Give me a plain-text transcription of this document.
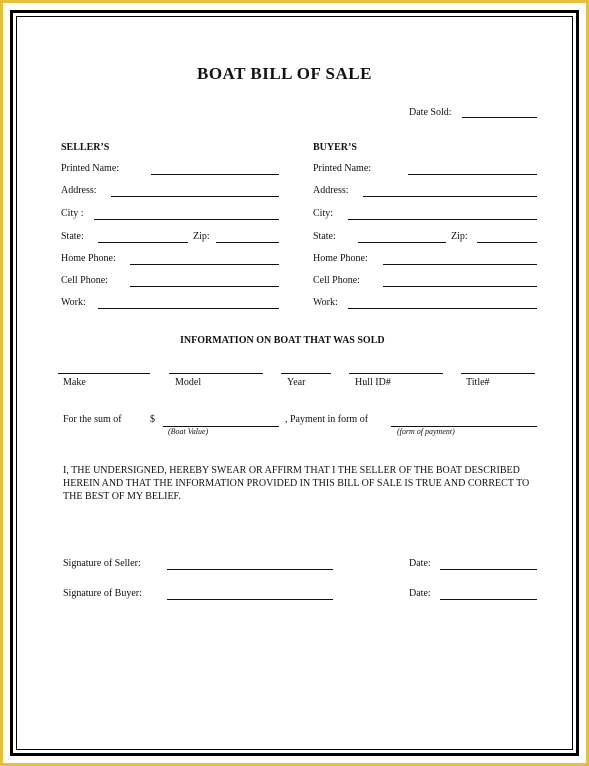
BOAT BILL OF SALE
Date Sold:
SELLER’S
Printed Name:
Address:
City :
State:	Zip:
Home Phone:
Cell Phone:
Work:
BUYER’S
Printed Name:
Address:
City:
State:	Zip:
Home Phone:
Cell Phone:
Work:
INFORMATION ON BOAT THAT WAS SOLD
Make	Model	Year	Hull ID#	Title#
For the sum of	$
(Boat Value)
, Payment in form of
(form of payment)
I, THE UNDERSIGNED, HEREBY SWEAR OR AFFIRM THAT I THE SELLER OF THE BOAT DESCRIBED HEREIN AND THAT THE INFORMATION PROVIDED IN THIS BILL OF SALE IS TRUE AND CORRECT TO THE BEST OF MY BELIEF.
Signature of Seller:	Date:
Signature of Buyer:	Date:
